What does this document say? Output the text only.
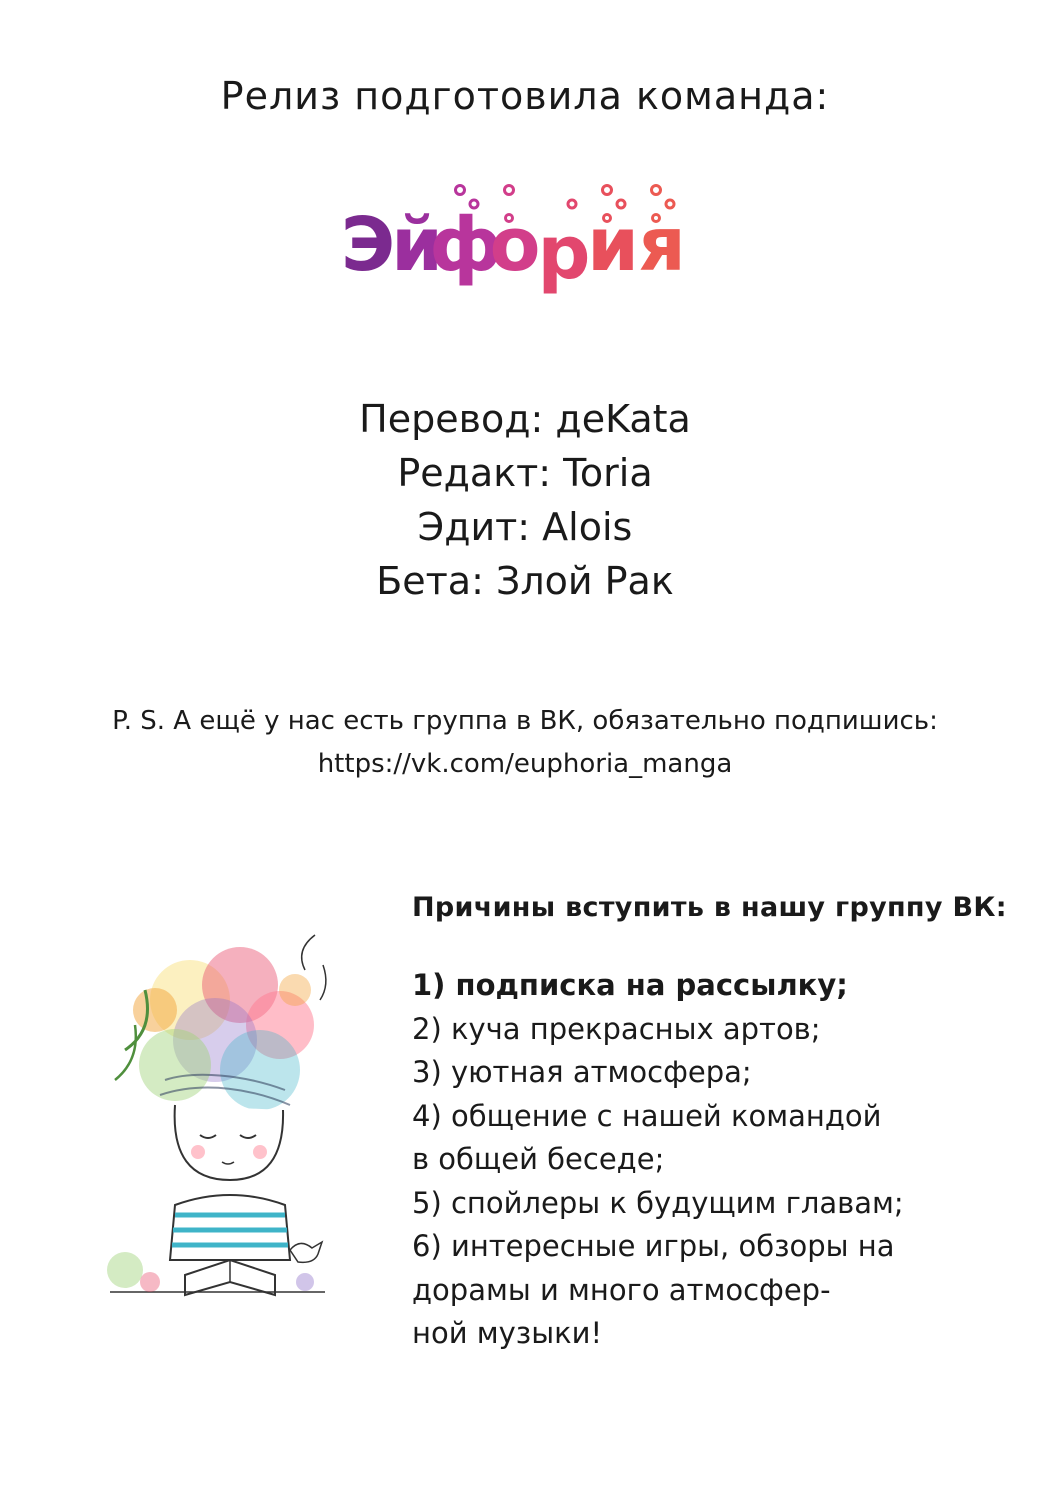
Релиз подготовила команда:
Э
й
ф
о
р
и я
Перевод: деKata
Редакт: Toria
Эдит: Alois
Бета: Злой Рак
P. S. А ещё у нас есть группа в ВК, обязательно подпишись:
https://vk.com/euphoria_manga
Причины вступить в нашу группу ВК:
1) подписка на рассылку;
2) куча прекрасных артов;
3) уютная атмосфера;
4) общение с нашей командой
в общей беседе;
5) спойлеры к будущим главам;
6) интересные игры, обзоры на
дорамы и много атмосфер-
ной музыки!
